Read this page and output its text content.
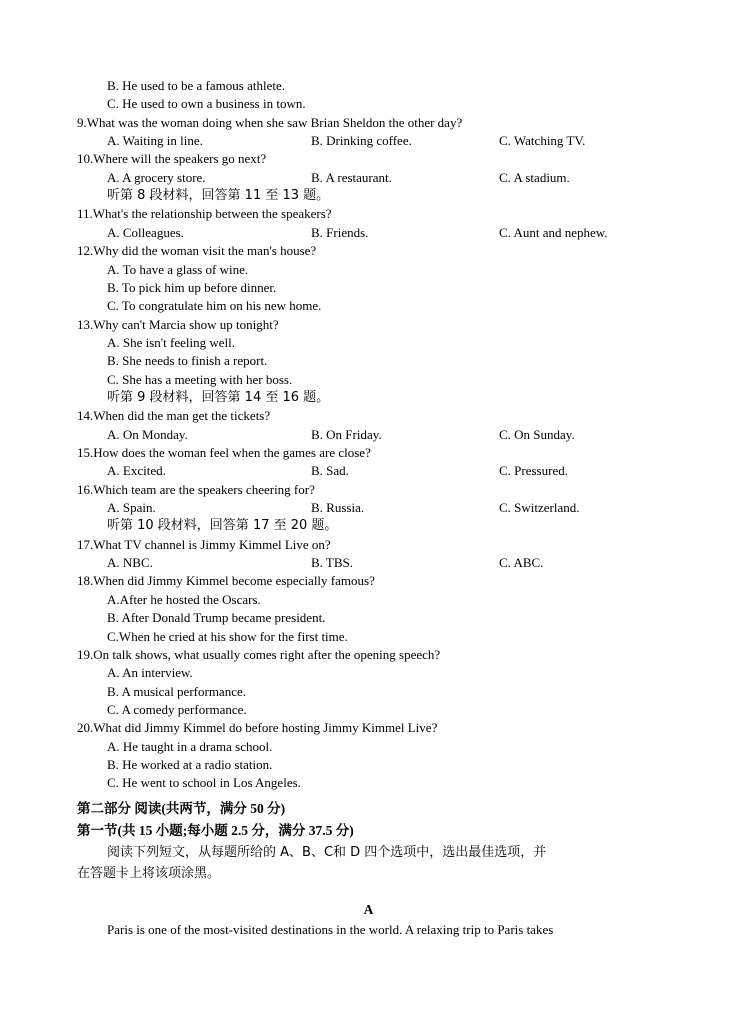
B. He used to be a famous athlete.
C. He used to own a business in town.
9.What was the woman doing when she saw Brian Sheldon the other day?
A. Waiting in line.	B. Drinking coffee.	C. Watching TV.
10.Where will the speakers go next?
A. A grocery store.	B. A restaurant.	C. A stadium.
听第 8 段材料，回答第 11 至 13 题。
11.What's the relationship between the speakers?
A. Colleagues.	B. Friends.	C. Aunt and nephew.
12.Why did the woman visit the man's house?
A. To have a glass of wine.
B. To pick him up before dinner.
C. To congratulate him on his new home.
13.Why can't Marcia show up tonight?
A. She isn't feeling well.
B. She needs to finish a report.
C. She has a meeting with her boss.
听第 9 段材料，回答第 14 至 16 题。
14.When did the man get the tickets?
A. On Monday.	B. On Friday.	C. On Sunday.
15.How does the woman feel when the games are close?
A. Excited.	B. Sad.	C. Pressured.
16.Which team are the speakers cheering for?
A. Spain.	B. Russia.	C. Switzerland.
听第 10 段材料，回答第 17 至 20 题。
17.What TV channel is Jimmy Kimmel Live on?
A. NBC.	B. TBS.	C. ABC.
18.When did Jimmy Kimmel become especially famous?
A.After he hosted the Oscars.
B. After Donald Trump became president.
C.When he cried at his show for the first time.
19.On talk shows, what usually comes right after the opening speech?
A. An interview.
B. A musical performance.
C. A comedy performance.
20.What did Jimmy Kimmel do before hosting Jimmy Kimmel Live?
A. He taught in a drama school.
B. He worked at a radio station.
C. He went to school in Los Angeles.
第二部分 阅读(共两节，满分 50 分)
第一节(共 15 小题;每小题 2.5 分，满分 37.5 分)
阅读下列短文，从每题所给的 A、B、C和 D 四个选项中，选出最佳选项，并
在答题卡上将该项涂黑。
A
Paris is one of the most-visited destinations in the world. A relaxing trip to Paris takes
